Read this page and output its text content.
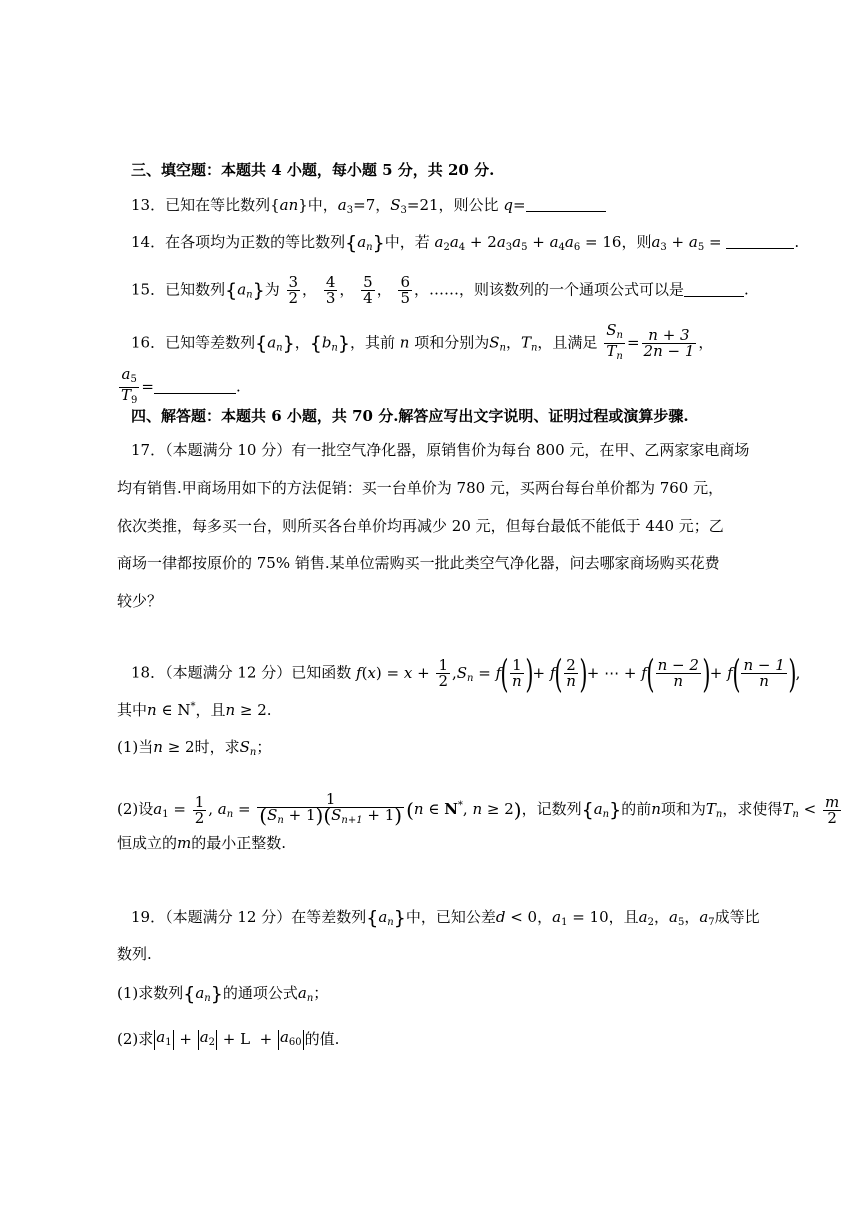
三、填空题：本题共 4 小题，每小题 5 分，共 20 分.
13．已知在等比数列{an}中，$a_3=7$，$S_3=21$，则公比 q=
14．在各项均为正数的等比数列$\{a_n\}$中，若 $a_2a_4 + 2a_3a_5 + a_4a_6 = 16$，则$a_3 + a_5$ =	.
15．已知数列$\{a_n\}$为 $\frac{3}{2}$ ， $\frac{4}{3}$ ， $\frac{5}{4}$ ， $\frac{6}{5}$ ，……，则该数列的一个通项公式可以是	.
16．已知等差数列$\{a_n\}$，$\{b_n\}$，其前 n 项和分别为$S_n$，$T_n$，且满足 $\frac{S_n}{T_n} = \frac{n + 3}{2n - 1}$ ，
$\frac{a_5}{T_9}$ =	.
四、解答题：本题共 6 小题，共 70 分.解答应写出文字说明、证明过程或演算步骤.
17．（本题满分 10 分）有一批空气净化器，原销售价为每台 800 元，在甲、乙两家家电商场
均有销售.甲商场用如下的方法促销：买一台单价为 780 元，买两台每台单价都为 760 元，
依次类推，每多买一台，则所买各台单价均再减少 20 元，但每台最低不能低于 440 元；乙
商场一律都按原价的 75% 销售.某单位需购买一批此类空气净化器，问去哪家商场购买花费
较少？
18．（本题满分 12 分）已知函数 $f(x) = x + \frac{1}{2} ,S_n = f( \frac{1}{n}$ )+ $f( \frac{2}{n}$ )+ ⋯ + $f( \frac{n - 2}{n}$ )+ $f( \frac{n - 1}{n}$ ),
其中n ∈ N*，且n ≥ 2.
(1)当n ≥ 2时，求$S_n$；
(2)设$a_1 = \frac{1}{2}$ , $a_n = \frac{1}{(S_n + 1)(S_{n+1} + 1)} (n$ ∈ N*, n ≥ 2)，记数列$\{a_n\}$的前n项和为$T_n$，求使得$T_n < \frac{m}{2}$
恒成立的m的最小正整数.
19．（本题满分 12 分）在等差数列$\{a_n\}$中，已知公差d < 0，$a_1 = 10$，且$a_2$，$a_5$，$a_7$成等比
数列.
(1)求数列$\{a_n\}$的通项公式$a_n$；
(2)求 $a_1 + a_2 + L + a_{60}$ 的值.
